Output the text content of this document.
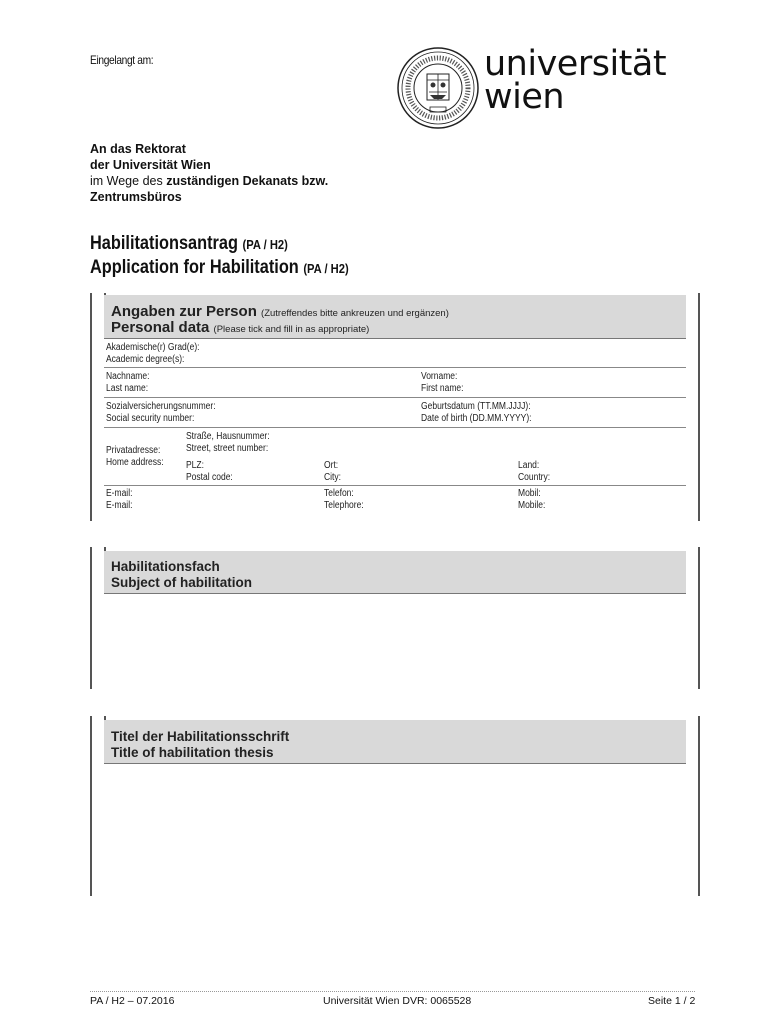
Eingelangt am:	universität
wien
An das Rektorat
der Universität Wien
im Wege des zuständigen Dekanats bzw.
Zentrumsbüros
Habilitationsantrag (PA / H2)
Application for Habilitation (PA / H2)
Angaben zur Person (Zutreffendes bitte ankreuzen und ergänzen)
Personal data (Please tick and fill in as appropriate)
Akademische(r) Grad(e):
Academic degree(s):
Nachname:
Last name:
Vorname:
First name:
Sozialversicherungsnummer:
Social security number:
Geburtsdatum (TT.MM.JJJJ):
Date of birth (DD.MM.YYYY):
Privatadresse:
Home address:
Straße, Hausnummer:
Street, street number:
PLZ:
Postal code:
Ort:
City:
Land:
Country:
E-mail:
E-mail:
Telefon:
Telephore:
Mobil:
Mobile:
Habilitationsfach
Subject of habilitation
Titel der Habilitationsschrift
Title of habilitation thesis
PA / H2 – 07.2016	Universität Wien DVR: 0065528	Seite 1 / 2
